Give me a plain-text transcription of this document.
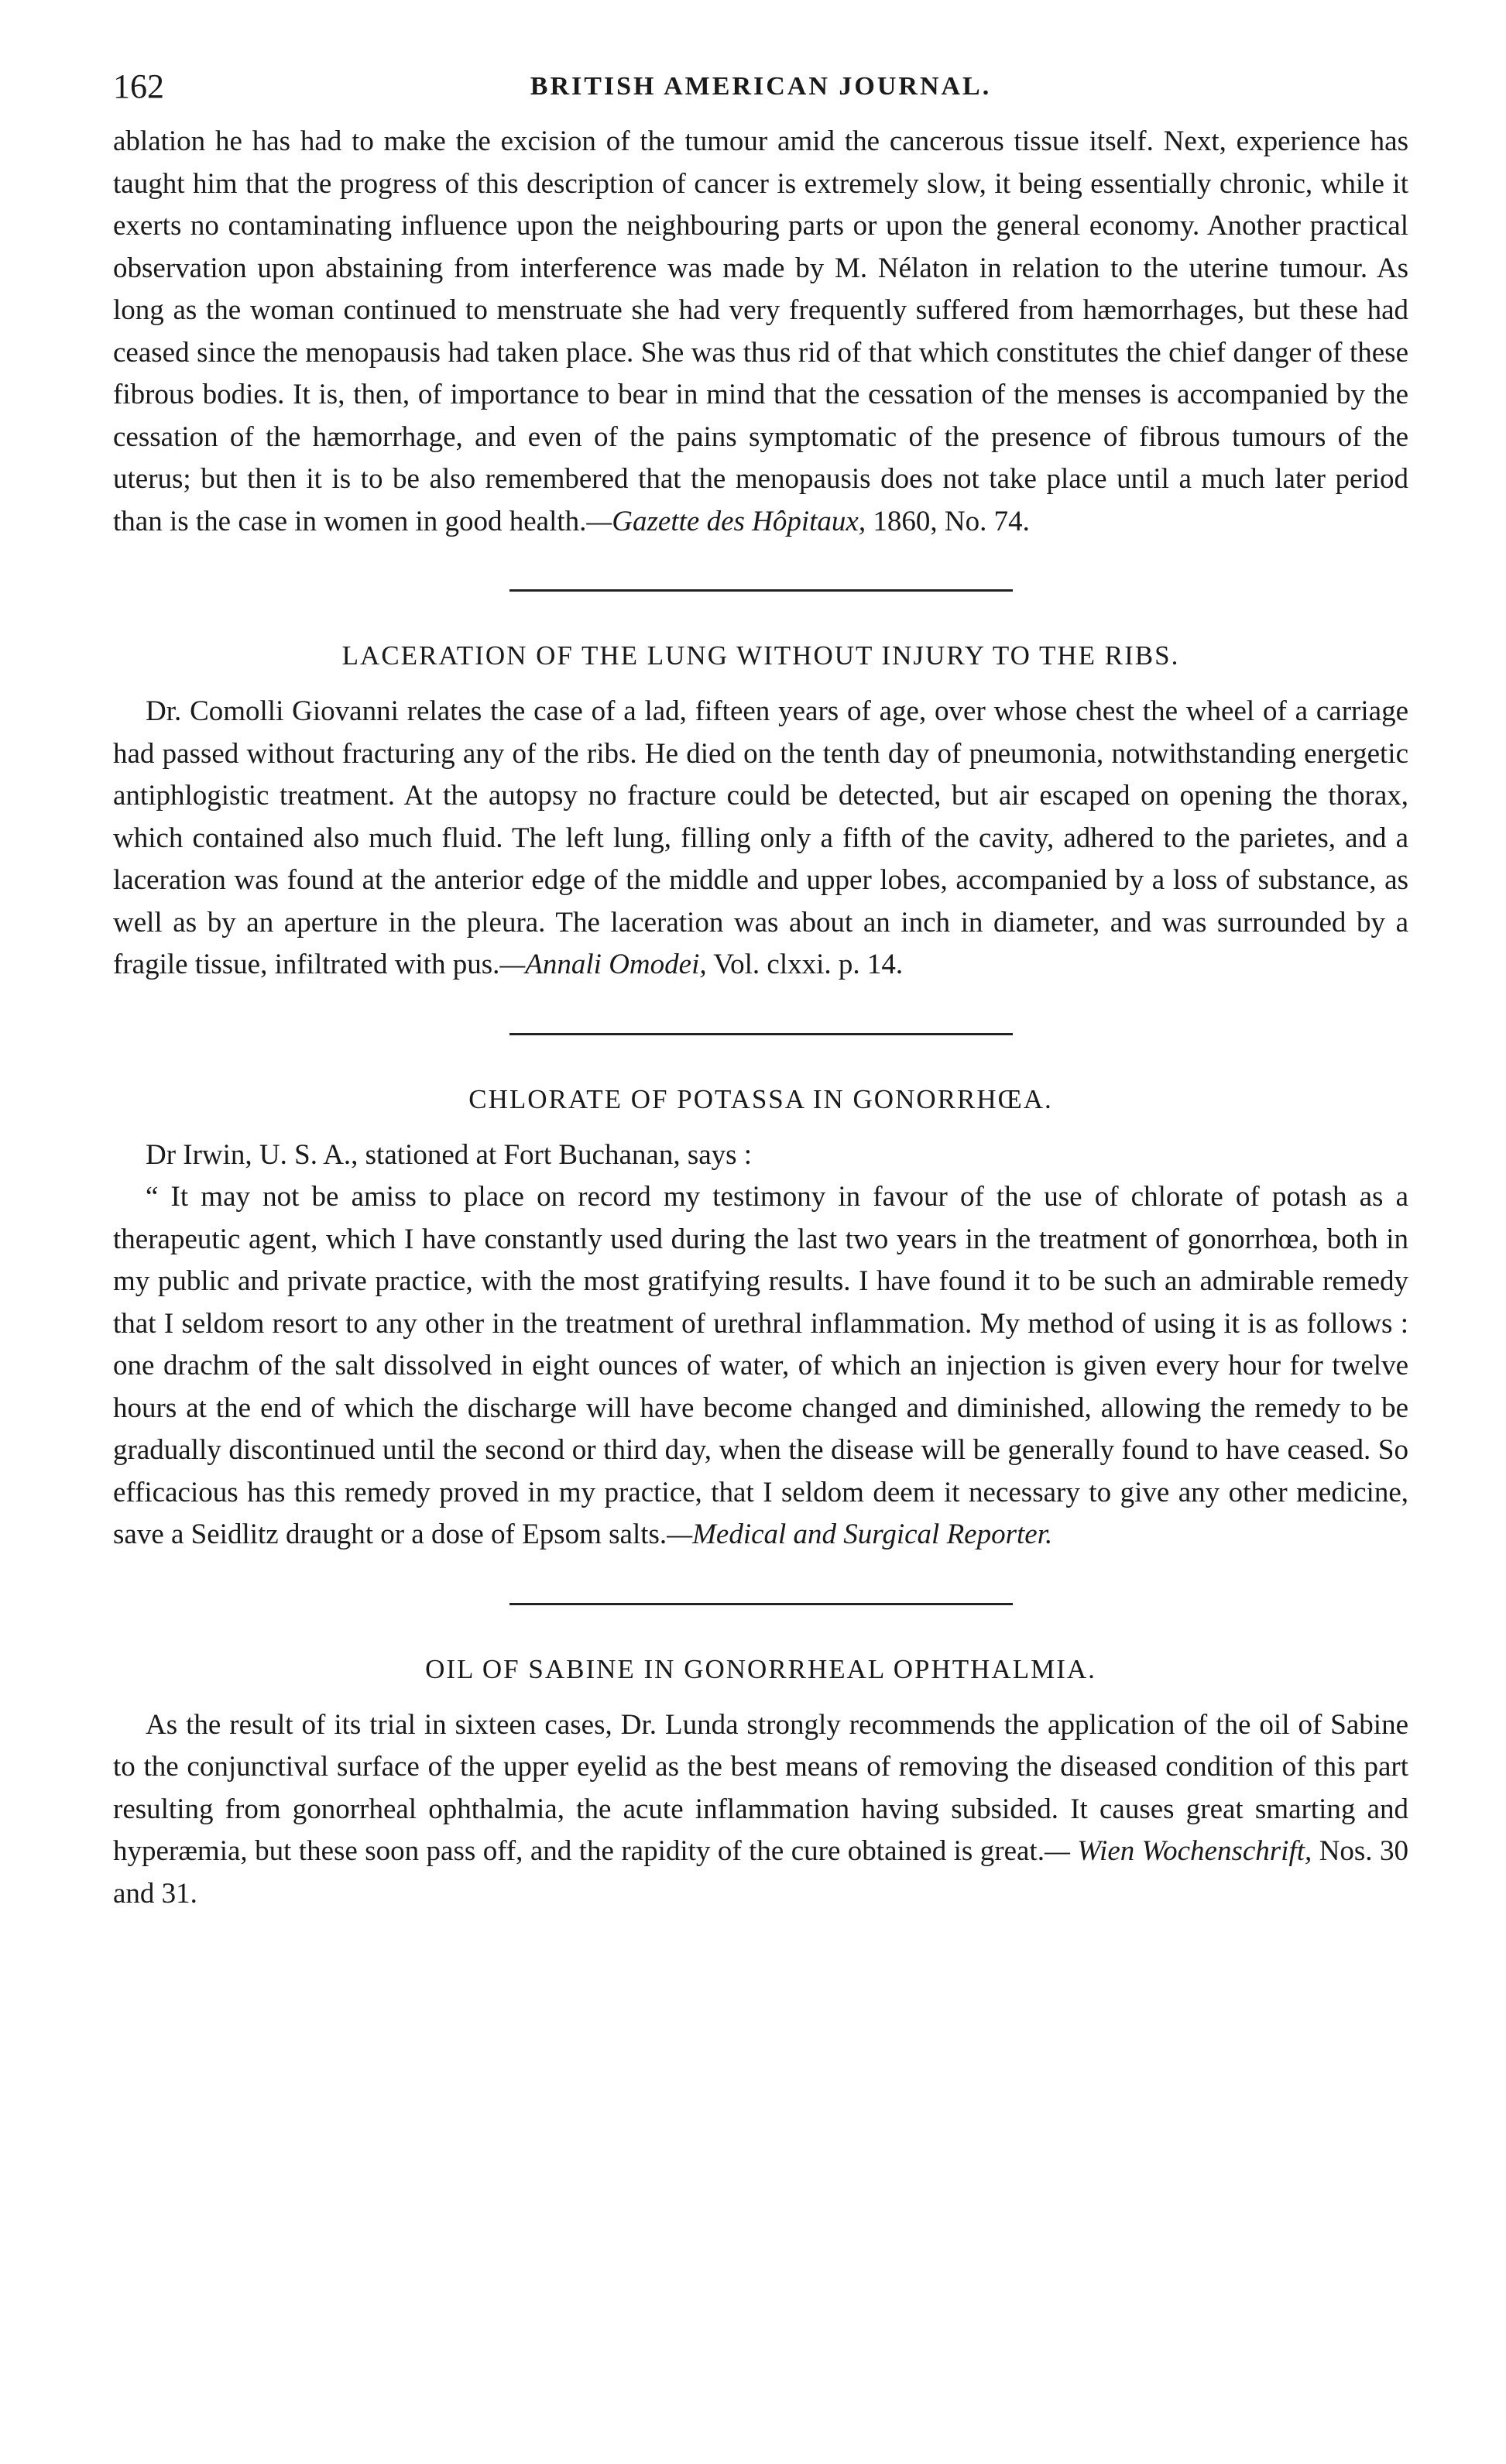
162	BRITISH AMERICAN JOURNAL.

ablation he has had to make the excision of the tumour amid the cancerous tissue itself. Next, experience has taught him that the progress of this description of cancer is extremely slow, it being essentially chronic, while it exerts no contaminating influence upon the neighbouring parts or upon the general economy. Another practical observation upon abstaining from interference was made by M. Nélaton in relation to the uterine tumour. As long as the woman continued to menstruate she had very frequently suffered from hæmorrhages, but these had ceased since the menopausis had taken place. She was thus rid of that which constitutes the chief danger of these fibrous bodies. It is, then, of importance to bear in mind that the cessation of the menses is accompanied by the cessation of the hæmorrhage, and even of the pains symptomatic of the presence of fibrous tumours of the uterus; but then it is to be also remembered that the menopausis does not take place until a much later period than is the case in women in good health.—Gazette des Hôpitaux, 1860, No. 74.

LACERATION OF THE LUNG WITHOUT INJURY TO THE RIBS.

Dr. Comolli Giovanni relates the case of a lad, fifteen years of age, over whose chest the wheel of a carriage had passed without fracturing any of the ribs. He died on the tenth day of pneumonia, notwithstanding energetic antiphlogistic treatment. At the autopsy no fracture could be detected, but air escaped on opening the thorax, which contained also much fluid. The left lung, filling only a fifth of the cavity, adhered to the parietes, and a laceration was found at the anterior edge of the middle and upper lobes, accompanied by a loss of substance, as well as by an aperture in the pleura. The laceration was about an inch in diameter, and was surrounded by a fragile tissue, infiltrated with pus.—Annali Omodei, Vol. clxxi. p. 14.

CHLORATE OF POTASSA IN GONORRHŒA.

Dr Irwin, U. S. A., stationed at Fort Buchanan, says :

“ It may not be amiss to place on record my testimony in favour of the use of chlorate of potash as a therapeutic agent, which I have constantly used during the last two years in the treatment of gonorrhœa, both in my public and private practice, with the most gratifying results. I have found it to be such an admirable remedy that I seldom resort to any other in the treatment of urethral inflammation. My method of using it is as follows : one drachm of the salt dissolved in eight ounces of water, of which an injection is given every hour for twelve hours at the end of which the discharge will have become changed and diminished, allowing the remedy to be gradually discontinued until the second or third day, when the disease will be generally found to have ceased. So efficacious has this remedy proved in my practice, that I seldom deem it necessary to give any other medicine, save a Seidlitz draught or a dose of Epsom salts.—Medical and Surgical Reporter.

OIL OF SABINE IN GONORRHEAL OPHTHALMIA.

As the result of its trial in sixteen cases, Dr. Lunda strongly recommends the application of the oil of Sabine to the conjunctival surface of the upper eyelid as the best means of removing the diseased condition of this part resulting from gonorrheal ophthalmia, the acute inflammation having subsided. It causes great smarting and hyperæmia, but these soon pass off, and the rapidity of the cure obtained is great.— Wien Wochenschrift, Nos. 30 and 31.
